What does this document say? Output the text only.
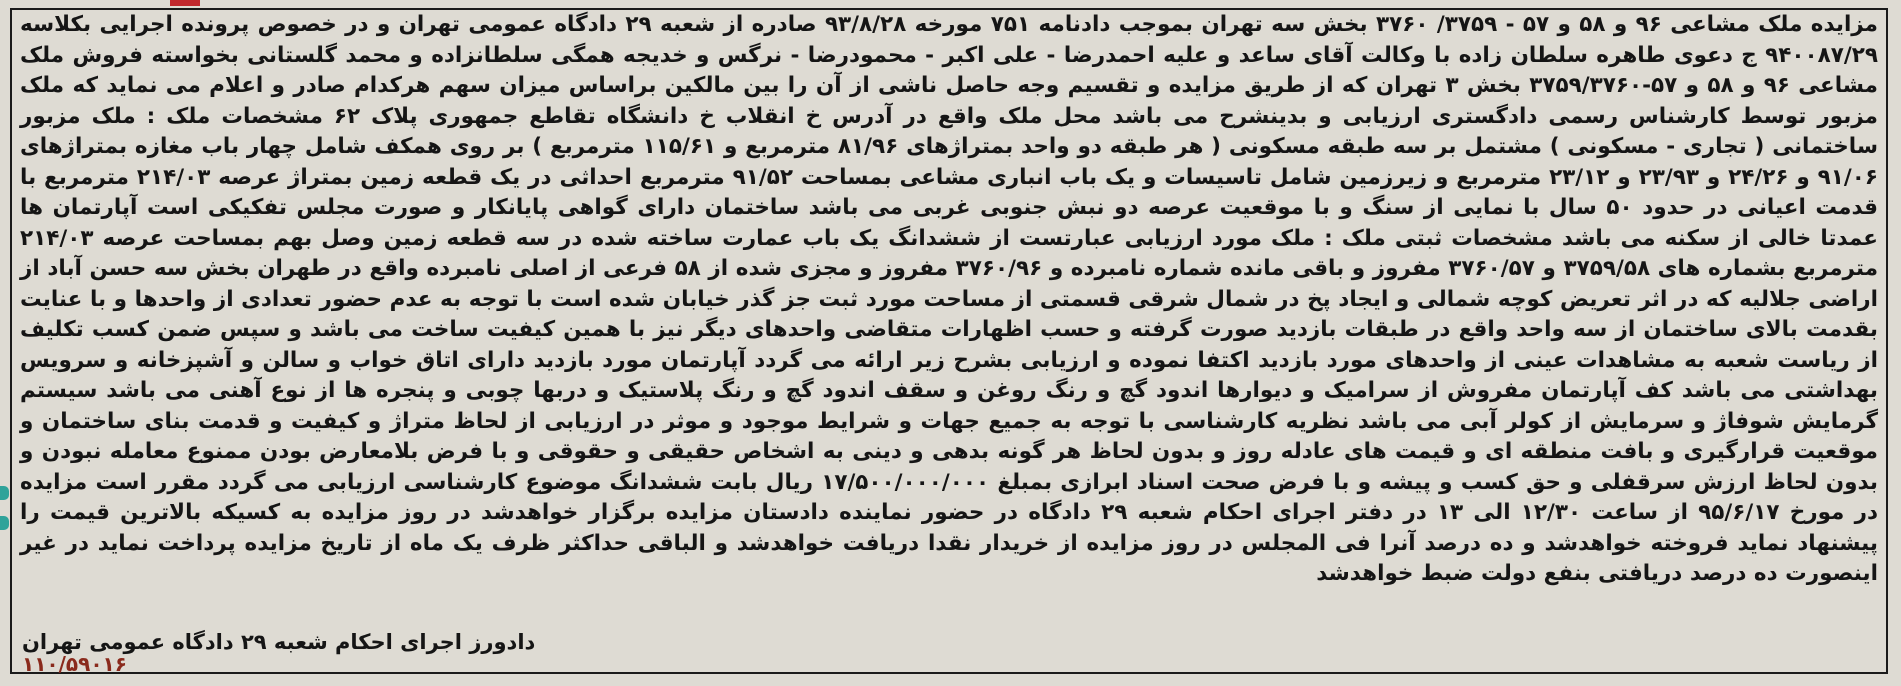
مزایده ملک مشاعی ۹۶ و ۵۸ و ۵۷ - ۳۷۵۹/ ۳۷۶۰ بخش سه تهران بموجب دادنامه ۷۵۱ مورخه ۹۳/۸/۲۸ صادره از شعبه ۲۹ دادگاه عمومی تهران و در خصوص پرونده اجرایی بکلاسه ۹۴۰۰۸۷/۲۹ ج دعوی طاهره سلطان زاده با وکالت آقای ساعد و علیه احمدرضا - علی اکبر - محمودرضا - نرگس و خدیجه همگی سلطانزاده و محمد گلستانی بخواسته فروش ملک مشاعی ۹۶ و ۵۸ و ۵۷-۳۷۵۹/۳۷۶۰ بخش ۳ تهران که از طریق مزایده و تقسیم وجه حاصل ناشی از آن را بین مالکین براساس میزان سهم هرکدام صادر و اعلام می نماید که ملک مزبور توسط کارشناس رسمی دادگستری ارزیابی و بدینشرح می باشد محل ملک واقع در آدرس خ انقلاب خ دانشگاه تقاطع جمهوری پلاک ۶۲ مشخصات ملک : ملک مزبور ساختمانی ( تجاری - مسکونی ) مشتمل بر سه طبقه مسکونی ( هر طبقه دو واحد بمتراژهای ۸۱/۹۶ مترمربع و ۱۱۵/۶۱ مترمربع ) بر روی همکف شامل چهار باب مغازه بمتراژهای ۹۱/۰۶ و ۲۴/۲۶ و ۲۳/۹۳ و ۲۳/۱۲ مترمربع و زیرزمین شامل تاسیسات و یک باب انباری مشاعی بمساحت ۹۱/۵۲ مترمربع احداثی در یک قطعه زمین بمتراژ عرصه ۲۱۴/۰۳ مترمربع با قدمت اعیانی در حدود ۵۰ سال با نمایی از سنگ و با موقعیت عرصه دو نبش جنوبی غربی می باشد ساختمان دارای گواهی پایانکار و صورت مجلس تفکیکی است آپارتمان ها عمدتا خالی از سکنه می باشد مشخصات ثبتی ملک : ملک مورد ارزیابی عبارتست از ششدانگ یک باب عمارت ساخته شده در سه قطعه زمین وصل بهم بمساحت عرصه ۲۱۴/۰۳ مترمربع بشماره های ۳۷۵۹/۵۸ و ۳۷۶۰/۵۷ مفروز و باقی مانده شماره نامبرده و ۳۷۶۰/۹۶ مفروز و مجزی شده از ۵۸ فرعی از اصلی نامبرده واقع در طهران بخش سه حسن آباد از اراضی جلالیه که در اثر تعریض کوچه شمالی و ایجاد پخ در شمال شرقی قسمتی از مساحت مورد ثبت جز گذر خیابان شده است با توجه به عدم حضور تعدادی از واحدها و با عنایت بقدمت بالای ساختمان از سه واحد واقع در طبقات بازدید صورت گرفته و حسب اظهارات متقاضی واحدهای دیگر نیز با همین کیفیت ساخت می باشد و سپس ضمن کسب تکلیف از ریاست شعبه به مشاهدات عینی از واحدهای مورد بازدید اکتفا نموده و ارزیابی بشرح زیر ارائه می گردد آپارتمان مورد بازدید دارای اتاق خواب و سالن و آشپزخانه و سرویس بهداشتی می باشد کف آپارتمان مفروش از سرامیک و دیوارها اندود گچ و رنگ روغن و سقف اندود گچ و رنگ پلاستیک و دربها چوبی و پنجره ها از نوع آهنی می باشد سیستم گرمایش شوفاژ و سرمایش از کولر آبی می باشد نظریه کارشناسی با توجه به جمیع جهات و شرایط موجود و موثر در ارزیابی از لحاظ متراژ و کیفیت و قدمت بنای ساختمان و موقعیت قرارگیری و بافت منطقه ای و قیمت های عادله روز و بدون لحاظ هر گونه بدهی و دینی به اشخاص حقیقی و حقوقی و با فرض بلامعارض بودن ممنوع معامله نبودن و بدون لحاظ ارزش سرقفلی و حق کسب و پیشه و با فرض صحت اسناد ابرازی بمبلغ ۱۷/۵۰۰/۰۰۰/۰۰۰ ریال بابت ششدانگ موضوع کارشناسی ارزیابی می گردد مقرر است مزایده در مورخ ۹۵/۶/۱۷ از ساعت ۱۲/۳۰ الی ۱۳ در دفتر اجرای احکام شعبه ۲۹ دادگاه در حضور نماینده دادستان مزایده برگزار خواهدشد در روز مزایده به کسیکه بالاترین قیمت را پیشنهاد نماید فروخته خواهدشد و ده درصد آنرا فی المجلس در روز مزایده از خریدار نقدا دریافت خواهدشد و الباقی حداکثر ظرف یک ماه از تاریخ مزایده پرداخت نماید در غیر اینصورت ده درصد دریافتی بنفع دولت ضبط خواهدشد
دادورز اجرای احکام شعبه ۲۹ دادگاه عمومی تهران
۱۱۰/۵۹۰۱۶
